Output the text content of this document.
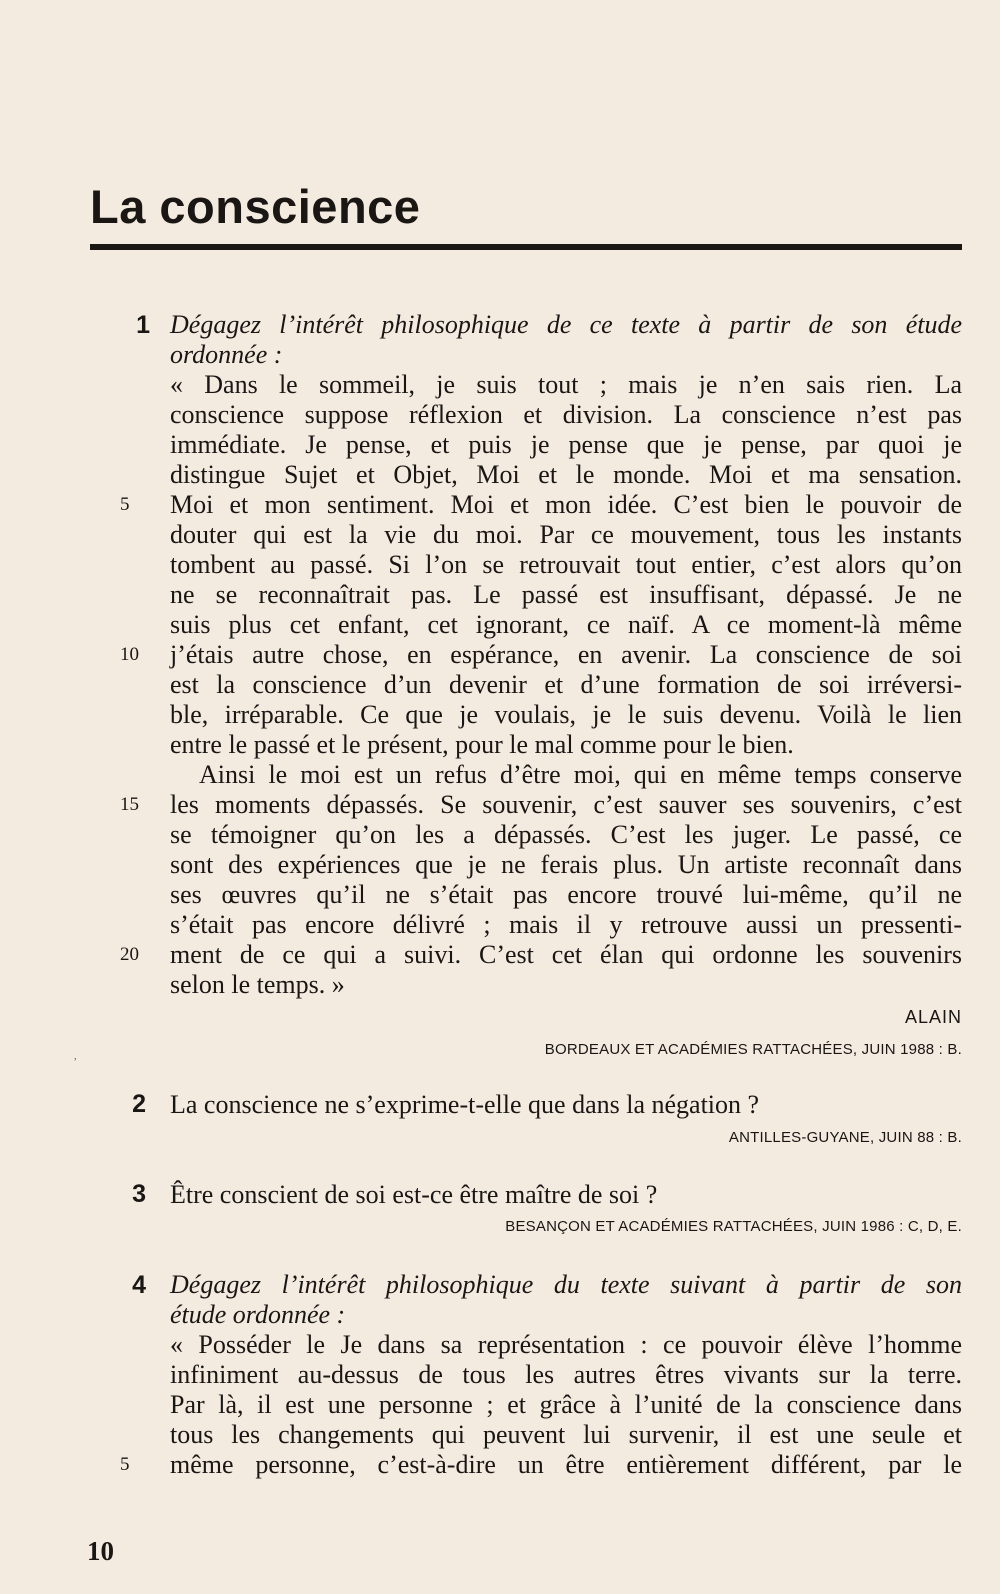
La conscience
,
1 Dégagez l’intérêt philosophique de ce texte à partir de son étude
ordonnée :
« Dans le sommeil, je suis tout ; mais je n’en sais rien. La
conscience suppose réflexion et division. La conscience n’est pas
immédiate. Je pense, et puis je pense que je pense, par quoi je
distingue Sujet et Objet, Moi et le monde. Moi et ma sensation.
Moi et mon sentiment. Moi et mon idée. C’est bien le pouvoir de
5
douter qui est la vie du moi. Par ce mouvement, tous les instants
tombent au passé. Si l’on se retrouvait tout entier, c’est alors qu’on
ne se reconnaîtrait pas. Le passé est insuffisant, dépassé. Je ne
suis plus cet enfant, cet ignorant, ce naïf. A ce moment-là même
j’étais autre chose, en espérance, en avenir. La conscience de soi
10
est la conscience d’un devenir et d’une formation de soi irréversi-
ble, irréparable. Ce que je voulais, je le suis devenu. Voilà le lien
entre le passé et le présent, pour le mal comme pour le bien.
Ainsi le moi est un refus d’être moi, qui en même temps conserve
les moments dépassés. Se souvenir, c’est sauver ses souvenirs, c’est
15
se témoigner qu’on les a dépassés. C’est les juger. Le passé, ce
sont des expériences que je ne ferais plus. Un artiste reconnaît dans
ses œuvres qu’il ne s’était pas encore trouvé lui-même, qu’il ne
s’était pas encore délivré ; mais il y retrouve aussi un pressenti-
ment de ce qui a suivi. C’est cet élan qui ordonne les souvenirs
20
selon le temps. »
ALAIN
BORDEAUX ET ACADÉMIES RATTACHÉES, JUIN 1988 : B.
2 La conscience ne s’exprime-t-elle que dans la négation ?
ANTILLES-GUYANE, JUIN 88 : B.
3 Être conscient de soi est-ce être maître de soi ?
BESANÇON ET ACADÉMIES RATTACHÉES, JUIN 1986 : C, D, E.
4 Dégagez l’intérêt philosophique du texte suivant à partir de son
étude ordonnée :
« Posséder le Je dans sa représentation : ce pouvoir élève l’homme
infiniment au-dessus de tous les autres êtres vivants sur la terre.
Par là, il est une personne ; et grâce à l’unité de la conscience dans
tous les changements qui peuvent lui survenir, il est une seule et
même personne, c’est-à-dire un être entièrement différent, par le
5
10
